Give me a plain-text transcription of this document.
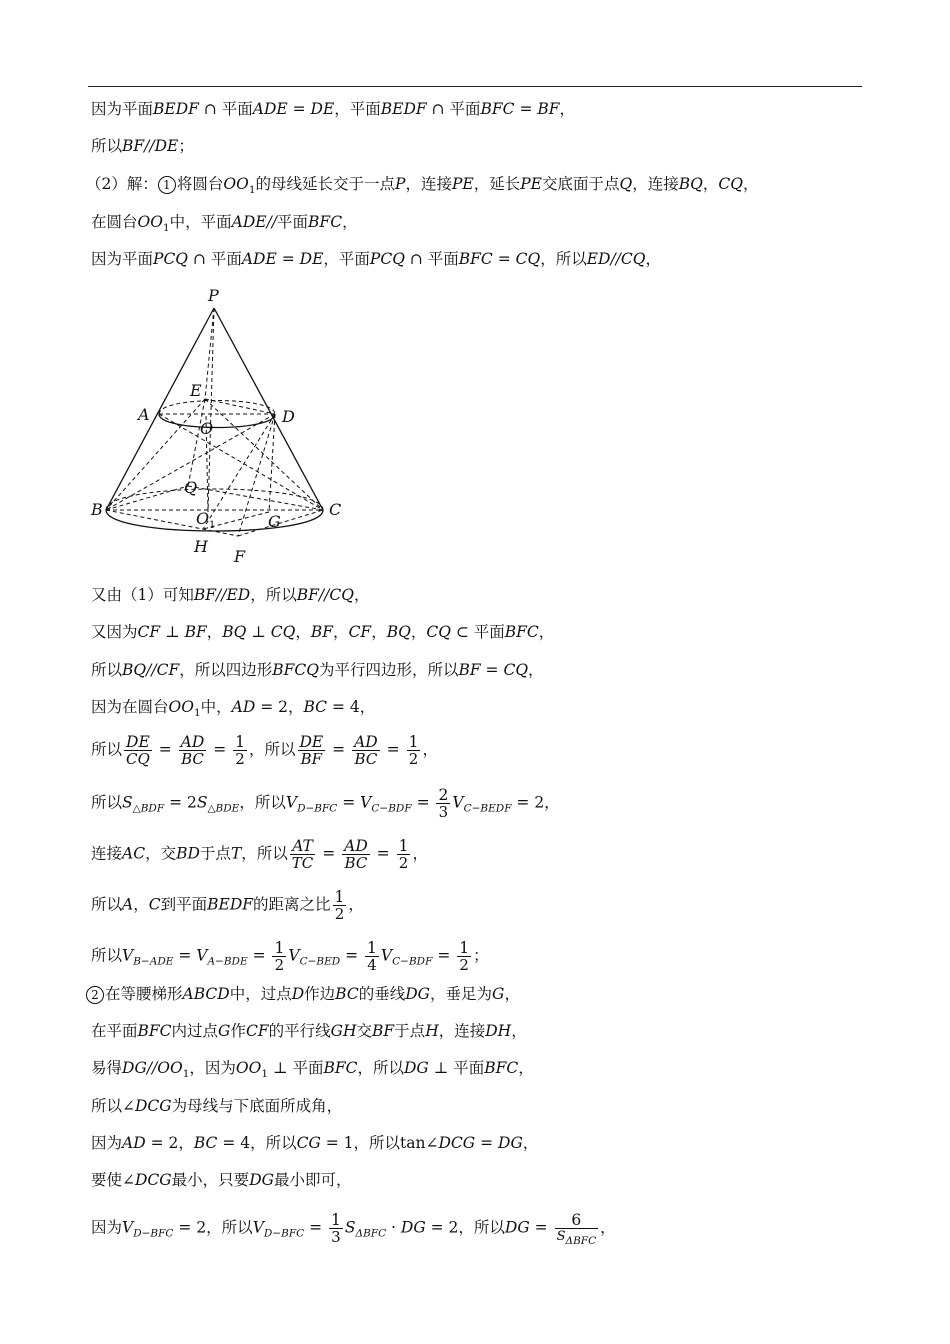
因为平面BEDF ∩ 平面ADE = DE，平面BEDF ∩ 平面BFC = BF，
所以BF//DE；
（2）解： 1 将圆台$OO_1$的母线延长交于一点P，连接PE，延长PE交底面于点Q，连接BQ，CQ，
在圆台$OO_1$中，平面ADE//平面BFC，
因为平面PCQ ∩ 平面ADE = DE，平面PCQ ∩ 平面BFC = CQ，所以ED//CQ，
P
E
A	D
O
Q
B	C
O 1	G
H
F
又由（1）可知BF//ED，所以BF//CQ，
又因为CF ⊥ BF，BQ ⊥ CQ，BF，CF，BQ，CQ ⊂ 平面BFC，
所以BQ//CF，所以四边形BFCQ为平行四边形，所以BF = CQ，
因为在圆台$OO_1$中，AD = 2，BC = 4，
所以 $\frac{DE}{CQ} = \frac{AD}{BC} = \frac{1}{2}$ ，所以 $\frac{DE}{BF} = \frac{AD}{BC} = \frac{1}{2}$ ，
所以$S_{\triangle BDF} = 2S_{\triangle BDE}$，所以$V_{D-BFC} = V_{C-BDF} = \frac{2}{3} V_{C-BEDF} = 2$，
连接AC，交BD于点T，所以 $\frac{AT}{TC} = \frac{AD}{BC} = \frac{1}{2}$ ，
所以A，C到平面BEDF的距离之比 $\frac{1}{2}$ ，
所以$V_{B-ADE} = V_{A-BDE} = \frac{1}{2} V_{C-BED} = \frac{1}{4} V_{C-BDF} = \frac{1}{2}$ ；
2 在等腰梯形ABCD中，过点D作边BC的垂线DG，垂足为G，
在平面BFC内过点G作CF的平行线GH交BF于点H，连接DH，
易得$DG//OO_1$，因为$OO_1$ ⊥ 平面BFC，所以DG ⊥ 平面BFC，
所以∠DCG为母线与下底面所成角，
因为AD = 2，BC = 4，所以CG = 1，所以tan∠DCG = DG，
要使∠DCG最小，只要DG最小即可，
因为$V_{D-BFC} = 2$，所以$V_{D-BFC} = \frac{1}{3} S_{\Delta BFC}$ · DG = 2，所以DG = $\frac{6}{S_{\Delta BFC}}$ ，
